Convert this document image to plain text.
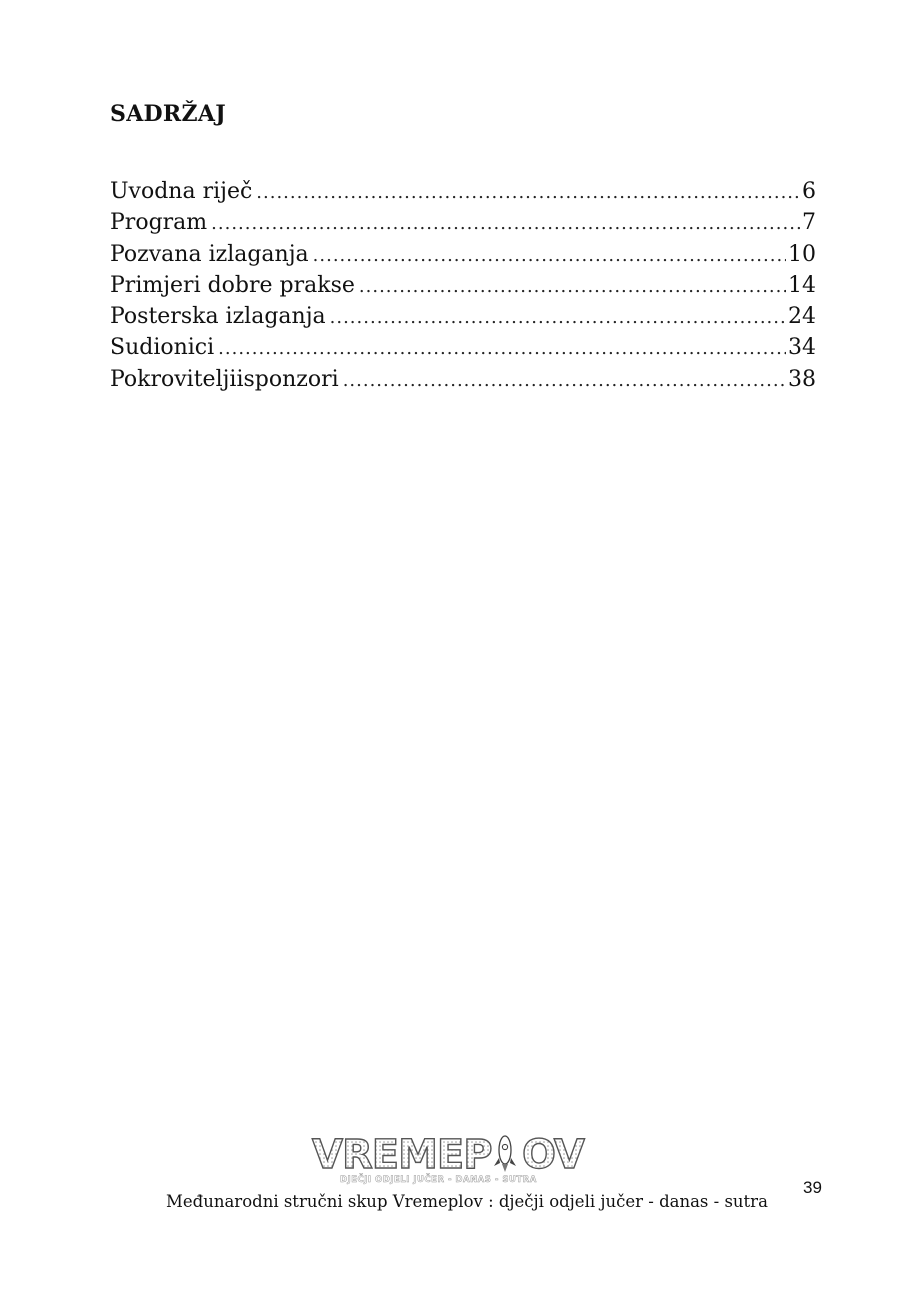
SADRŽAJ
Uvodna riječ .....	6
Program .....	7
Pozvana izlaganja .....	10
Primjeri dobre prakse .....	14
Posterska izlaganja .....	24
Sudionici .....	34
Pokroviteljiisponzori .....	38
VREMEP OV
DJEČJI ODJELI JUČER - DANAS - SUTRA
Međunarodni stručni skup Vremeplov : dječji odjeli jučer - danas - sutra
39
